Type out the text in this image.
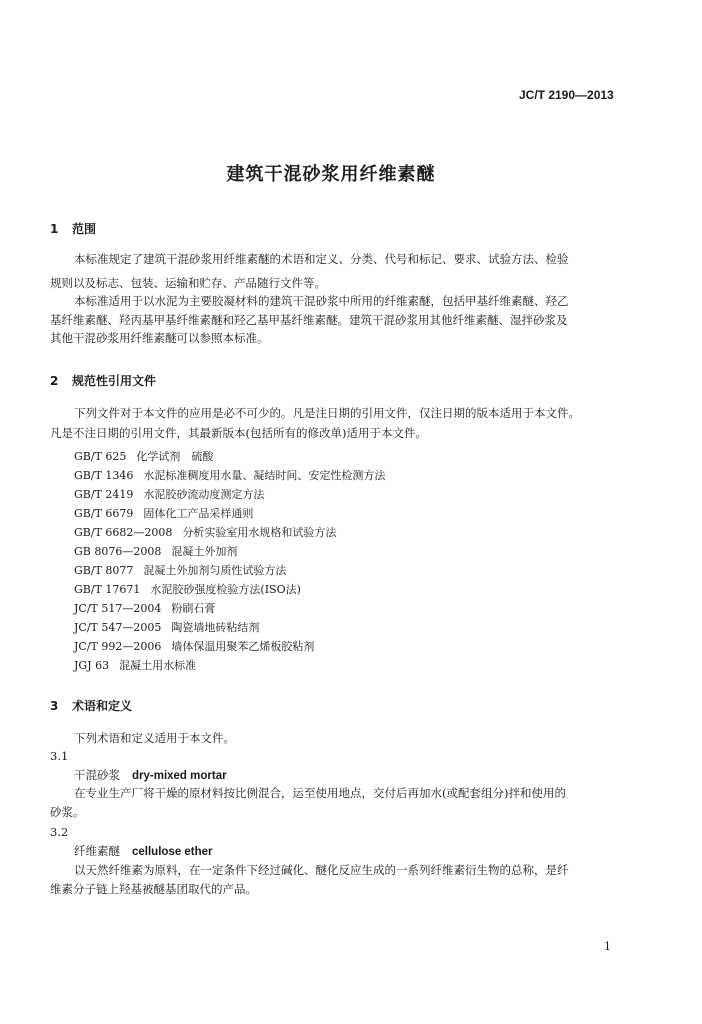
JC/T 2190—2013
建筑干混砂浆用纤维素醚
1 范围
本标准规定了建筑干混砂浆用纤维素醚的术语和定义、分类、代号和标记、要求、试验方法、检验
规则以及标志、包装、运输和贮存、产品随行文件等。
本标准适用于以水泥为主要胶凝材料的建筑干混砂浆中所用的纤维素醚，包括甲基纤维素醚、羟乙
基纤维素醚、羟丙基甲基纤维素醚和羟乙基甲基纤维素醚。建筑干混砂浆用其他纤维素醚、湿拌砂浆及
其他干混砂浆用纤维素醚可以参照本标准。
2 规范性引用文件
下列文件对于本文件的应用是必不可少的。凡是注日期的引用文件，仅注日期的版本适用于本文件。
凡是不注日期的引用文件，其最新版本(包括所有的修改单)适用于本文件。
GB/T 625 化学试剂　硫酸
GB/T 1346 水泥标准稠度用水量、凝结时间、安定性检测方法
GB/T 2419 水泥胶砂流动度测定方法
GB/T 6679 固体化工产品采样通则
GB/T 6682—2008 分析实验室用水规格和试验方法
GB 8076—2008 混凝土外加剂
GB/T 8077 混凝土外加剂匀质性试验方法
GB/T 17671 水泥胶砂强度检验方法(ISO法)
JC/T 517—2004 粉刷石膏
JC/T 547—2005 陶瓷墙地砖粘结剂
JC/T 992—2006 墙体保温用聚苯乙烯板胶粘剂
JGJ 63 混凝土用水标准
3 术语和定义
下列术语和定义适用于本文件。
3.1
干混砂浆 dry-mixed mortar
在专业生产厂将干燥的原材料按比例混合，运至使用地点，交付后再加水(或配套组分)拌和使用的
砂浆。
3.2
纤维素醚 cellulose ether
以天然纤维素为原料，在一定条件下经过碱化、醚化反应生成的一系列纤维素衍生物的总称，是纤
维素分子链上羟基被醚基团取代的产品。
1
